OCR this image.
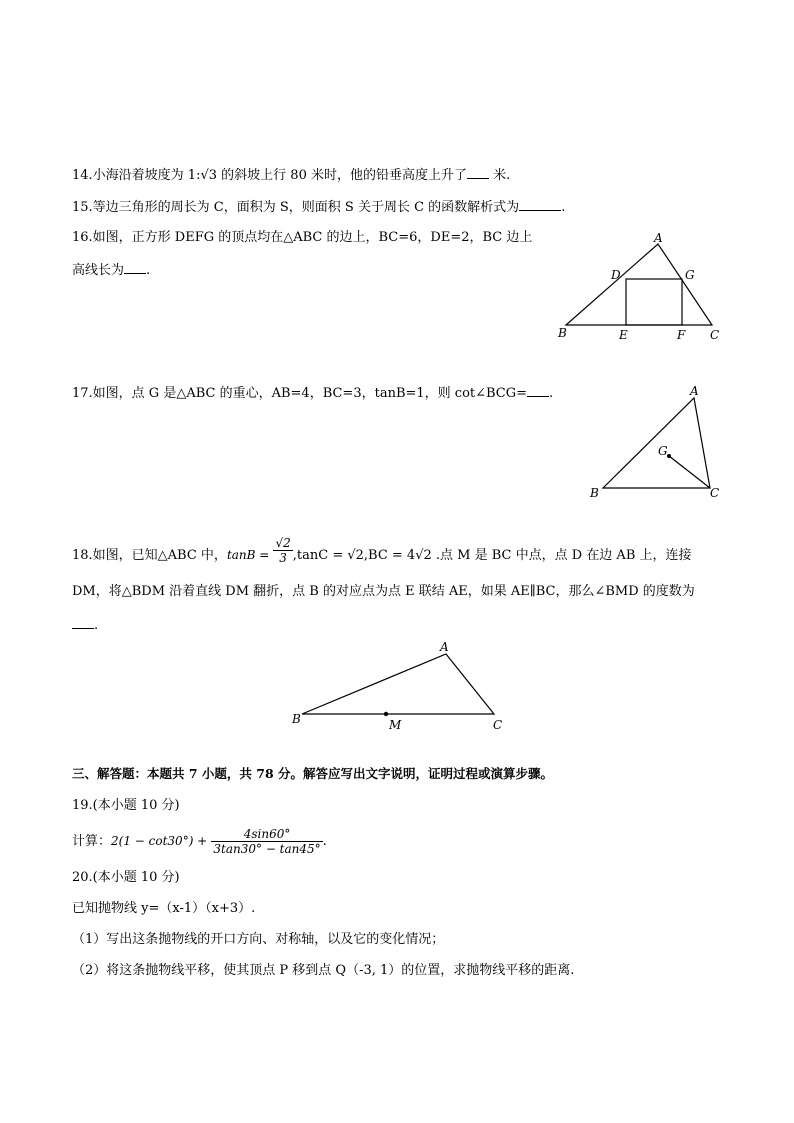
14.小海沿着坡度为 1:√3 的斜坡上行 80 米时，他的铅垂高度上升了 米.
15.等边三角形的周长为 C，面积为 S，则面积 S 关于周长 C 的函数解析式为	.
16.如图，正方形 DEFG 的顶点均在△ABC 的边上，BC=6，DE=2，BC 边上
高线长为 .
A
D	G
B	E	F C
17.如图，点 G 是△ABC 的重心，AB=4，BC=3，tanB=1，则 cot∠BCG= .	A
G
B	C
18.如图，已知△ABC 中，$\tan B = \frac{√2}{3} ,\tan C = √2,BC = 4√2$ .点 M 是 BC 中点，点 D 在边 AB 上，连接
DM，将△BDM 沿着直线 DM 翻折，点 B 的对应点为点 E 联结 AE，如果 AE∥BC，那么∠BMD 的度数为
.
A
B	M	C
三、解答题：本题共 7 小题，共 78 分。解答应写出文字说明，证明过程或演算步骤。
19.(本小题 10 分)
计算：$2(1 - \cot 30^\circ) + \frac{4\sin 60^\circ}{3\tan 30^\circ - \tan 45^\circ}$ .
20.(本小题 10 分)
已知抛物线 y=（x-1）（x+3）.
（1）写出这条抛物线的开口方向、对称轴，以及它的变化情况；
（2）将这条抛物线平移，使其顶点 P 移到点 Q（-3, 1）的位置，求抛物线平移的距离.
